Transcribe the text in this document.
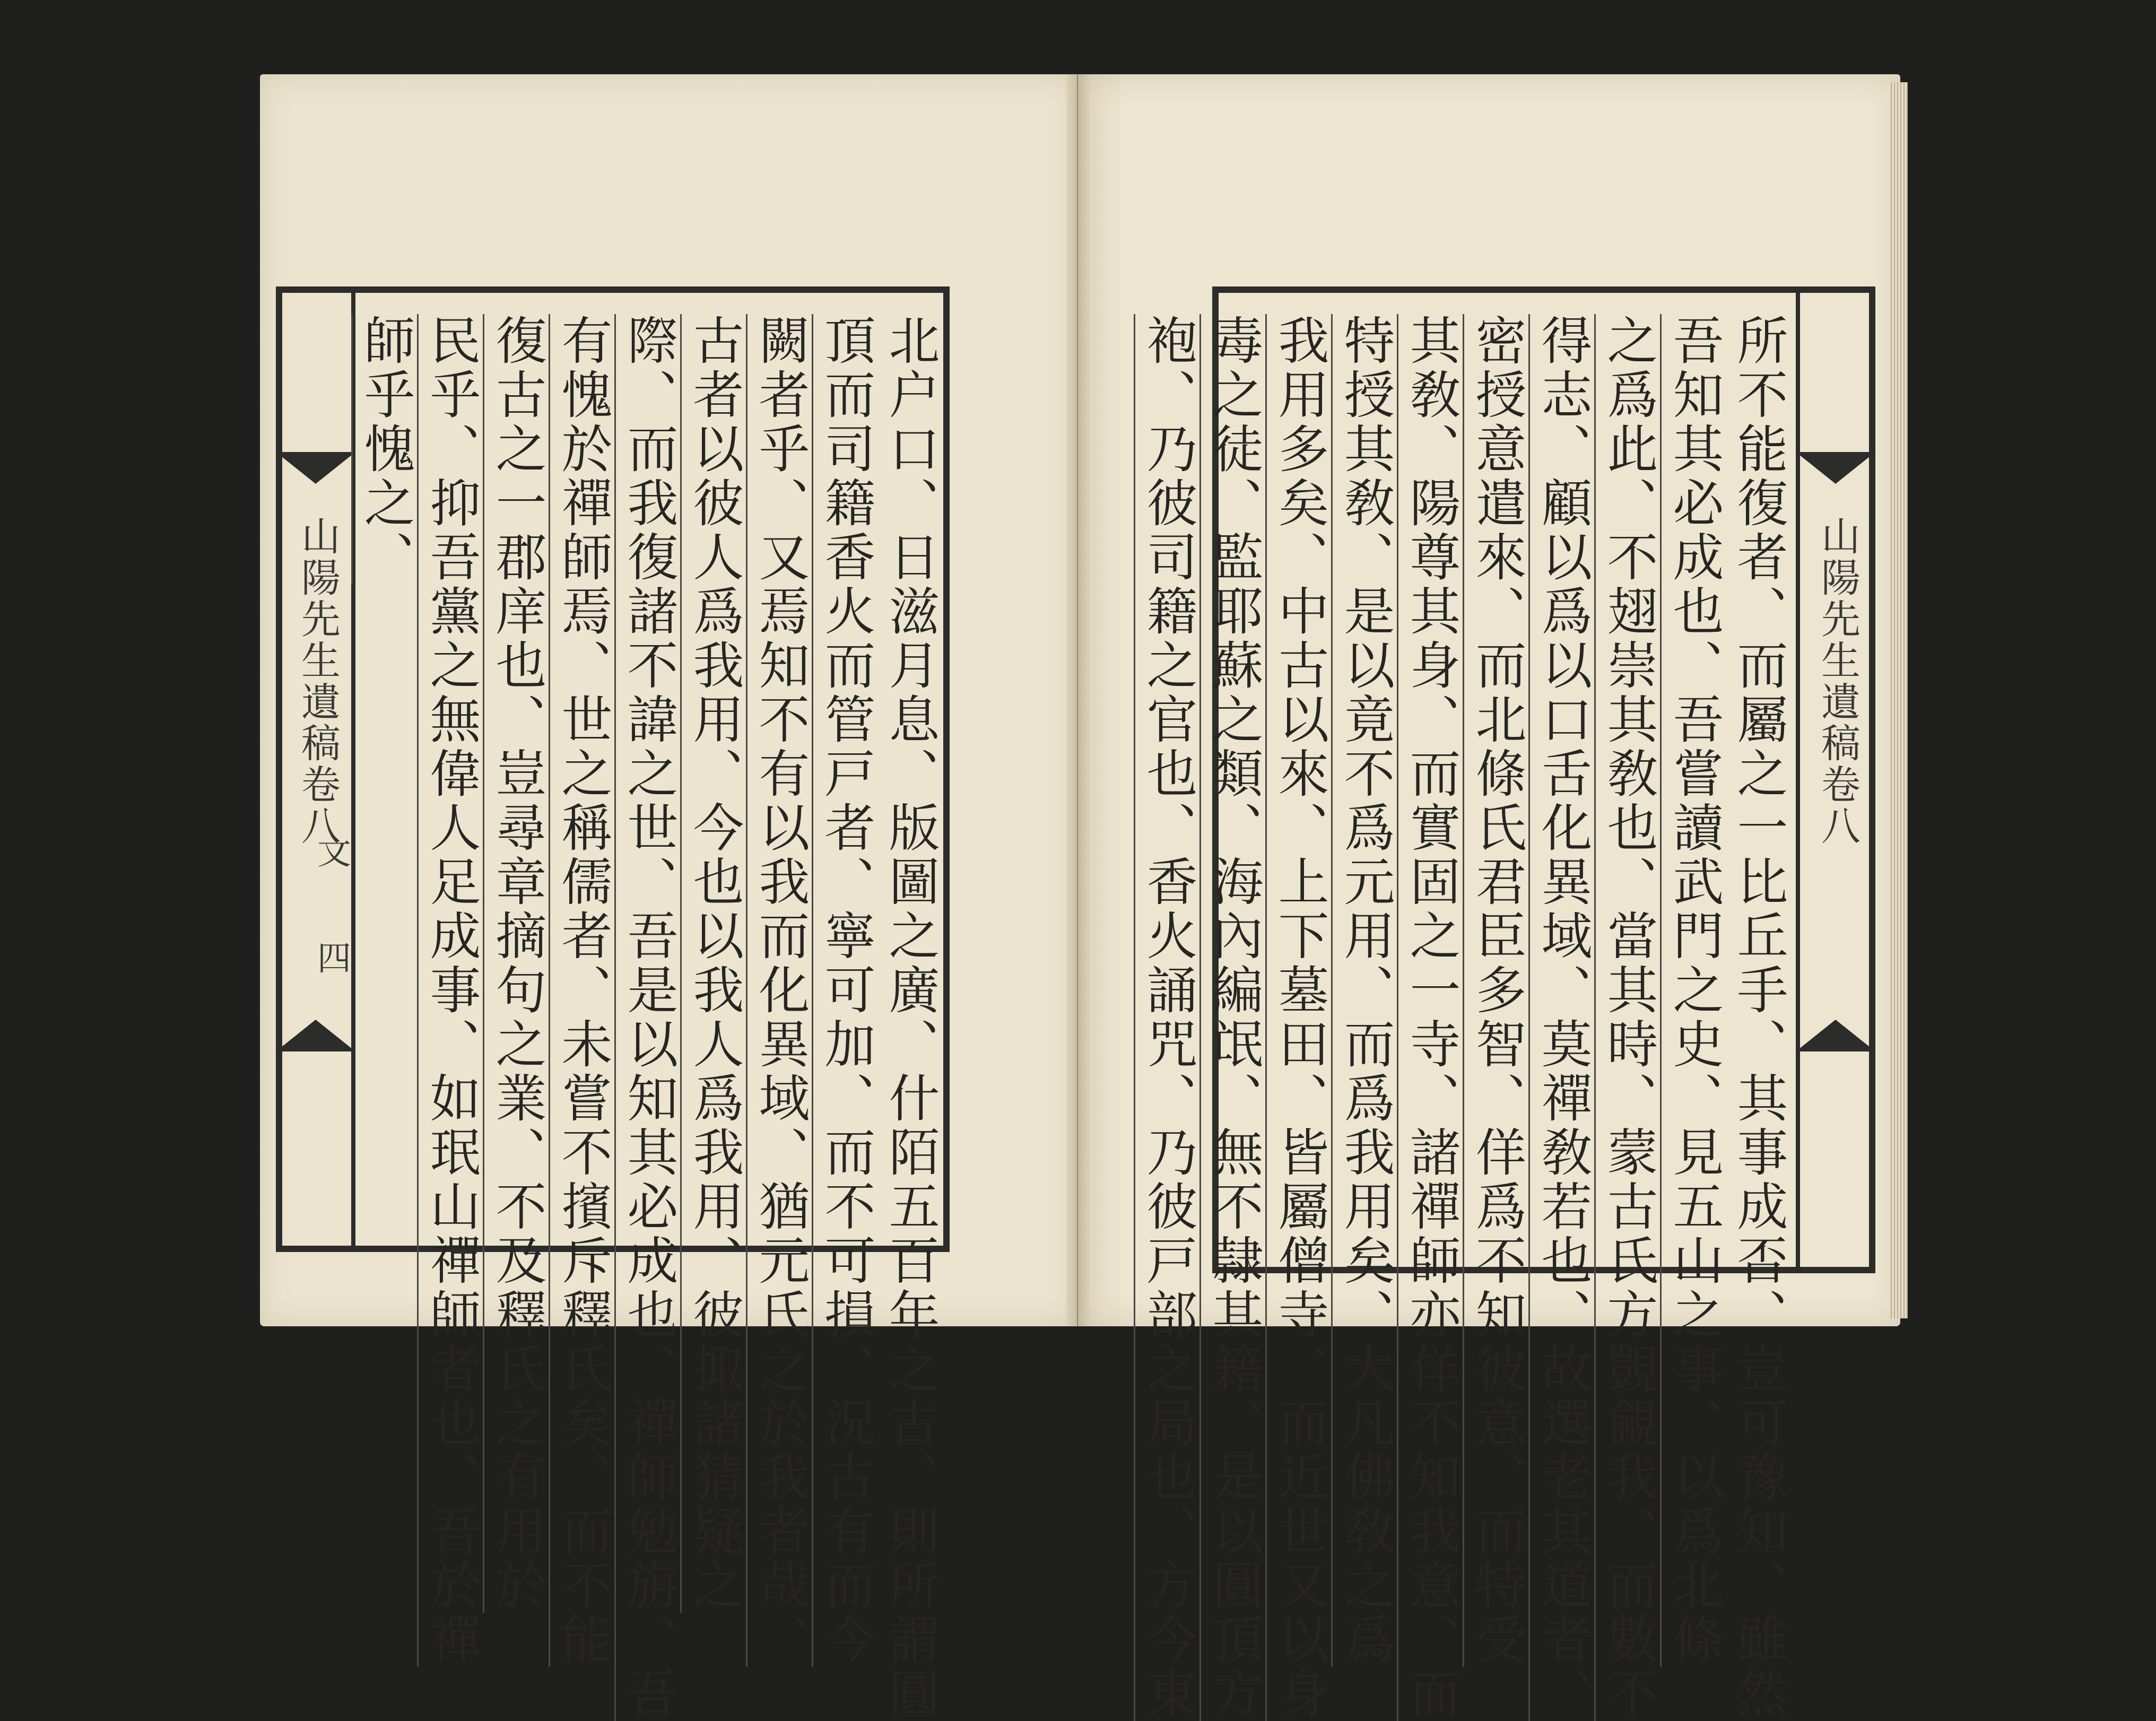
山陽先生遺稿卷八
文
四	北户口、日滋月息、版圖之廣、什陌五百年之古、則所謂圓
頂而司籍香火而管戸者、寧可加、而不可損、況古有而今
闕者乎、又焉知不有以我而化異域、猶元氏之於我者哉、
古者以彼人爲我用、今也以我人爲我用、彼掫諸猜疑之
際、而我復諸不諱之世、吾是以知其必成也、禪師勉旃、吾
有愧於禪師焉、世之稱儒者、未嘗不擯斥釋氏矣、而不能
復古之一郡庠也、豈尋章摘句之業、不及釋氏之有用於
民乎、抑吾黨之無偉人足成事、如珉山禪師者也、吾於禪
師乎愧之、	所不能復者、而屬之一比丘手、其事成否、豈可豫知、雖然
吾知其必成也、吾嘗讀武門之史、見五山之事、以爲北條
之爲此、不翅崇其敎也、當其時、蒙古氏方覬覦我、而數不
得志、顧以爲以口舌化異域、莫禪敎若也、故選老其道者、
密授意遣來、而北條氏君臣多智、佯爲不知彼意、而特受
其敎、陽尊其身、而實固之一寺、諸禪師亦佯不知我意、而
特授其敎、是以竟不爲元用、而爲我用矣、大凡佛敎之爲
我用多矣、中古以來、上下墓田、皆屬僧寺、而近世又以身
毒之徒、監耶蘇之類、海內編氓、無不隷其籍、是以圓頂方
袍、乃彼司籍之官也、香火誦咒、乃彼戸部之局也、方今東	山陽先生遺稿卷八
